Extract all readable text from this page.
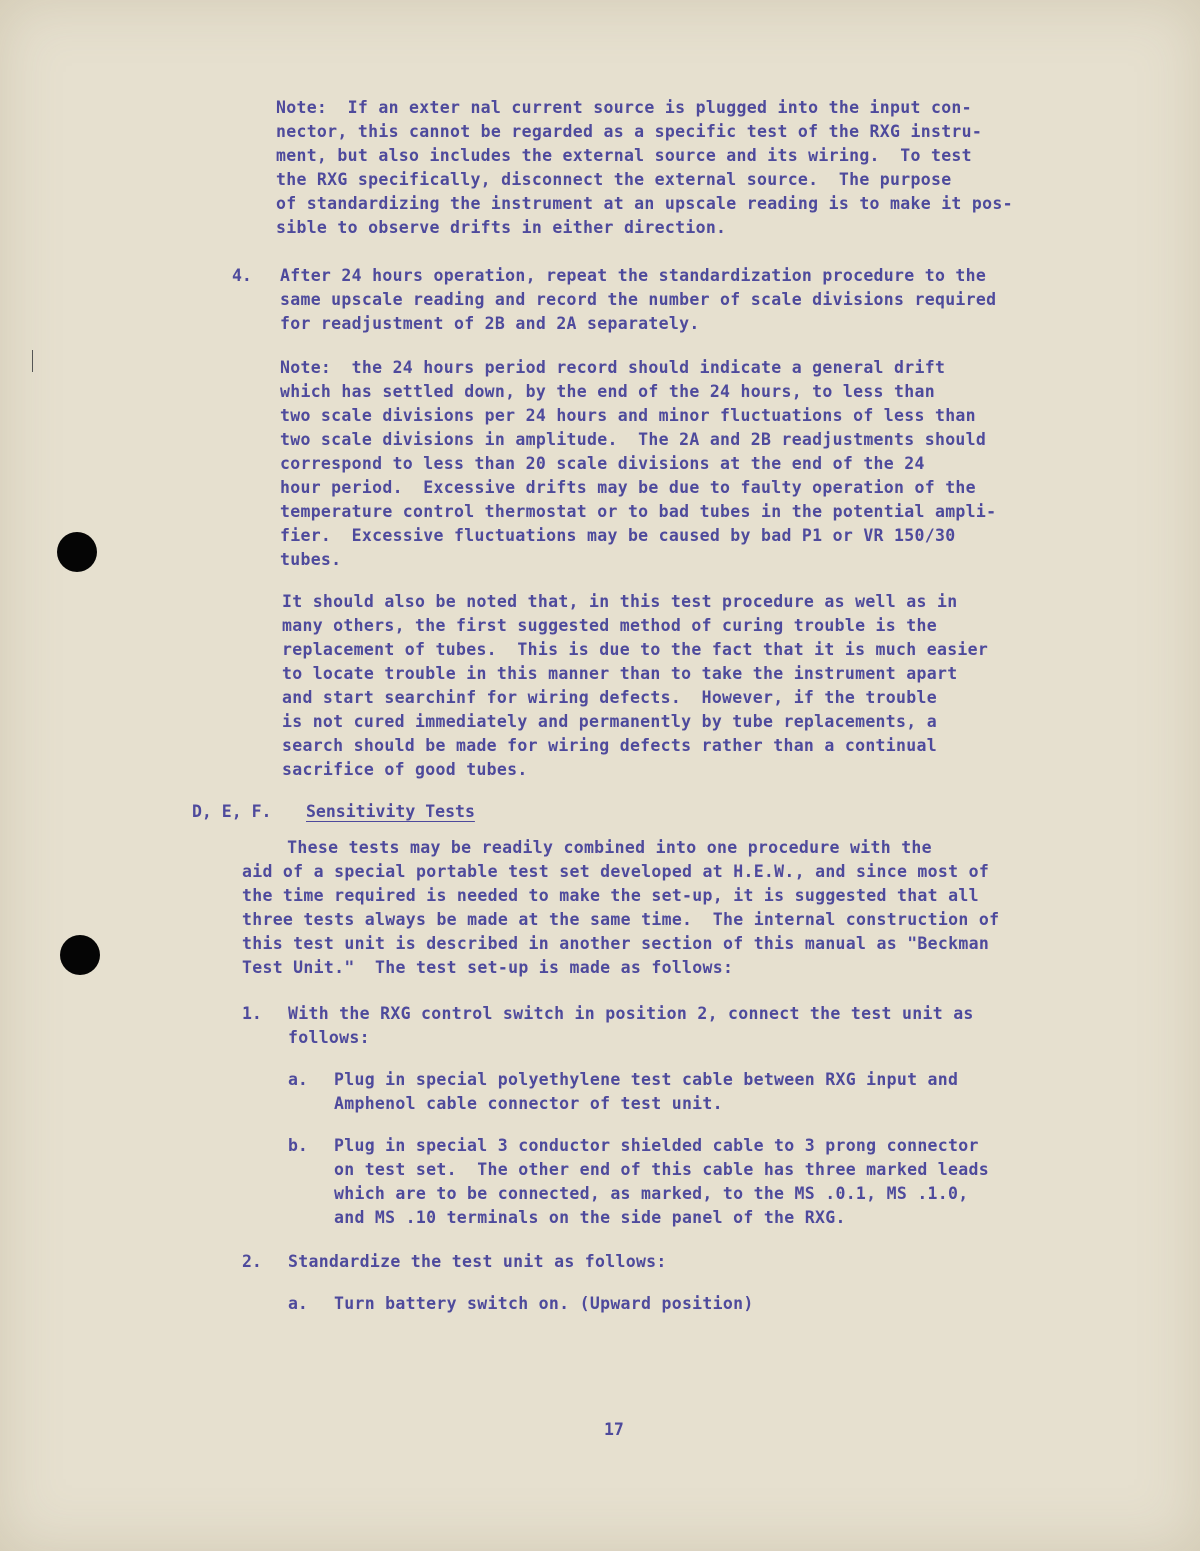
Note:  If an exter nal current source is plugged into the input con-

nector, this cannot be regarded as a specific test of the RXG instru-

ment, but also includes the external source and its wiring.  To test

the RXG specifically, disconnect the external source.  The purpose

of standardizing the instrument at an upscale reading is to make it pos-

sible to observe drifts in either direction.

4. After 24 hours operation, repeat the standardization procedure to the

same upscale reading and record the number of scale divisions required

for readjustment of 2B and 2A separately.

Note:  the 24 hours period record should indicate a general drift

which has settled down, by the end of the 24 hours, to less than

two scale divisions per 24 hours and minor fluctuations of less than

two scale divisions in amplitude.  The 2A and 2B readjustments should

correspond to less than 20 scale divisions at the end of the 24

hour period.  Excessive drifts may be due to faulty operation of the

temperature control thermostat or to bad tubes in the potential ampli-

fier.  Excessive fluctuations may be caused by bad P1 or VR 150/30

tubes.

It should also be noted that, in this test procedure as well as in

many others, the first suggested method of curing trouble is the

replacement of tubes.  This is due to the fact that it is much easier

to locate trouble in this manner than to take the instrument apart

and start searchinf for wiring defects.  However, if the trouble

is not cured immediately and permanently by tube replacements, a

search should be made for wiring defects rather than a continual

sacrifice of good tubes.

D, E, F. Sensitivity Tests

These tests may be readily combined into one procedure with the

aid of a special portable test set developed at H.E.W., and since most of

the time required is needed to make the set-up, it is suggested that all

three tests always be made at the same time.  The internal construction of

this test unit is described in another section of this manual as "Beckman

Test Unit."  The test set-up is made as follows:

1. With the RXG control switch in position 2, connect the test unit as

follows:

a. Plug in special polyethylene test cable between RXG input and

Amphenol cable connector of test unit.

b. Plug in special 3 conductor shielded cable to 3 prong connector

on test set.  The other end of this cable has three marked leads

which are to be connected, as marked, to the MS .0.1, MS .1.0,

and MS .10 terminals on the side panel of the RXG.

2. Standardize the test unit as follows:

a. Turn battery switch on. (Upward position)

17
